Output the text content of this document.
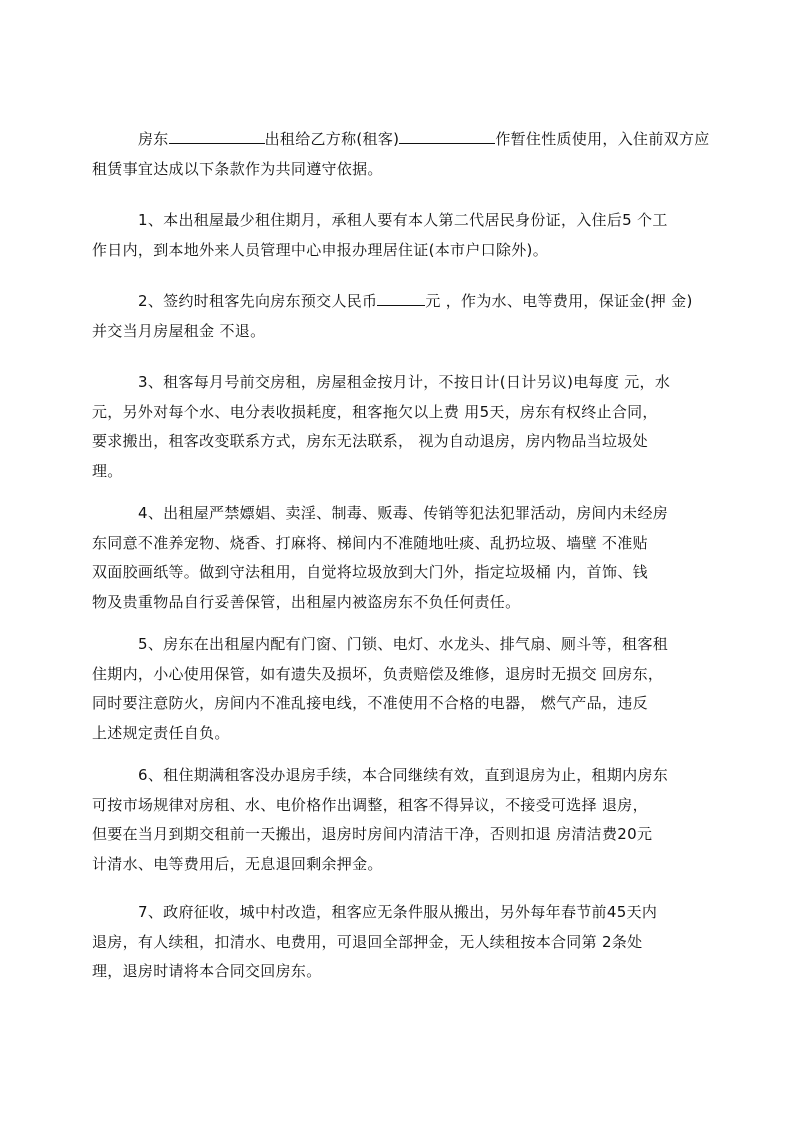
房东	出租给乙方称(租客)	作暂住性质使用，入住前双方应
租赁事宜达成以下条款作为共同遵守依据。
1、本出租屋最少租住期月，承租人要有本人第二代居民身份证，入住后5 个工
作日内，到本地外来人员管理中心申报办理居住证(本市户口除外)。
2、签约时租客先向房东预交人民币	元 ，作为水、电等费用，保证金(押 金)
并交当月房屋租金 不退。
3、租客每月号前交房租，房屋租金按月计，不按日计(日计另议)电每度 元，水
元，另外对每个水、电分表收损耗度，租客拖欠以上费 用5天，房东有权终止合同，
要求搬出，租客改变联系方式，房东无法联系， 视为自动退房，房内物品当垃圾处
理。
4、出租屋严禁嫖娼、卖淫、制毒、贩毒、传销等犯法犯罪活动，房间内未经房
东同意不准养宠物、烧香、打麻将、梯间内不准随地吐痰、乱扔垃圾、墙壁 不准贴
双面胶画纸等。做到守法租用，自觉将垃圾放到大门外，指定垃圾桶 内，首饰、钱
物及贵重物品自行妥善保管，出租屋内被盗房东不负任何责任。
5、房东在出租屋内配有门窗、门锁、电灯、水龙头、排气扇、厕斗等，租客租
住期内，小心使用保管，如有遗失及损坏，负责赔偿及维修，退房时无损交 回房东，
同时要注意防火，房间内不准乱接电线，不准使用不合格的电器， 燃气产品，违反
上述规定责任自负。
6、租住期满租客没办退房手续，本合同继续有效，直到退房为止，租期内房东
可按市场规律对房租、水、电价格作出调整，租客不得异议，不接受可选择 退房，
但要在当月到期交租前一天搬出，退房时房间内清洁干净，否则扣退 房清洁费20元
计清水、电等费用后，无息退回剩余押金。
7、政府征收，城中村改造，租客应无条件服从搬出，另外每年春节前45天内
退房，有人续租，扣清水、电费用，可退回全部押金，无人续租按本合同第 2条处
理，退房时请将本合同交回房东。
